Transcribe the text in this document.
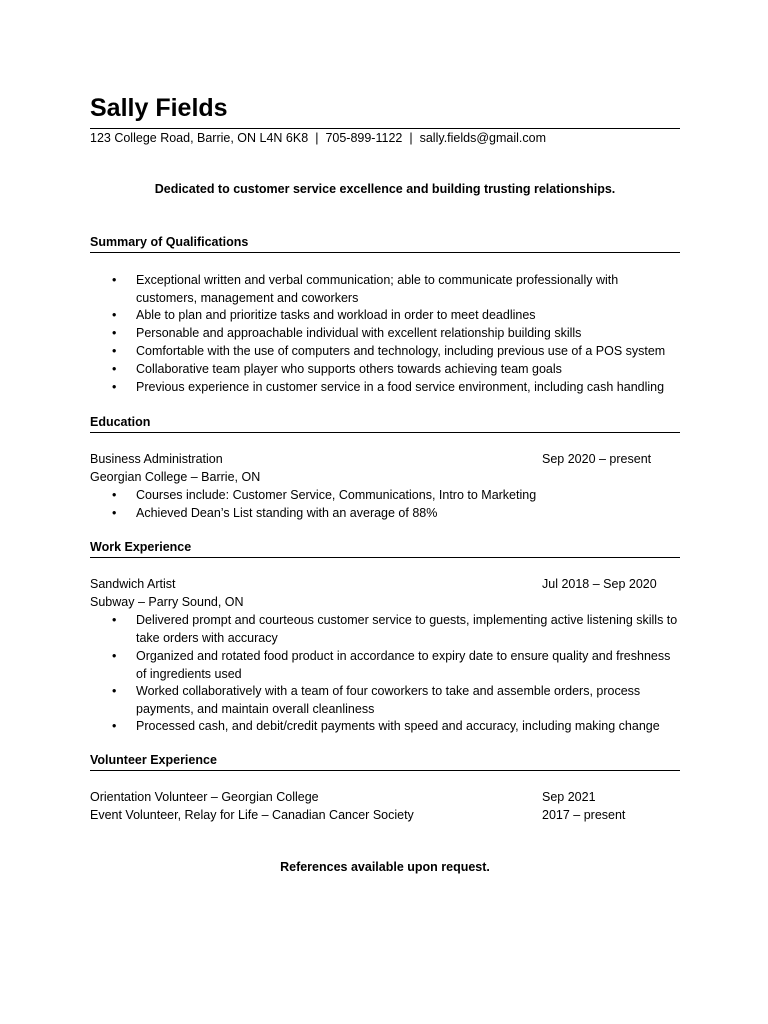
Sally Fields
123 College Road, Barrie, ON L4N 6K8 | 705-899-1122 | sally.fields@gmail.com
Dedicated to customer service excellence and building trusting relationships.
Summary of Qualifications
• Exceptional written and verbal communication; able to communicate professionally with customers, management and coworkers
• Able to plan and prioritize tasks and workload in order to meet deadlines
• Personable and approachable individual with excellent relationship building skills
• Comfortable with the use of computers and technology, including previous use of a POS system
• Collaborative team player who supports others towards achieving team goals
• Previous experience in customer service in a food service environment, including cash handling
Education
Business Administration	Sep 2020 – present
Georgian College – Barrie, ON
• Courses include: Customer Service, Communications, Intro to Marketing
• Achieved Dean’s List standing with an average of 88%
Work Experience
Sandwich Artist	Jul 2018 – Sep 2020
Subway – Parry Sound, ON
• Delivered prompt and courteous customer service to guests, implementing active listening skills to take orders with accuracy
• Organized and rotated food product in accordance to expiry date to ensure quality and freshness of ingredients used
• Worked collaboratively with a team of four coworkers to take and assemble orders, process payments, and maintain overall cleanliness
• Processed cash, and debit/credit payments with speed and accuracy, including making change
Volunteer Experience
Orientation Volunteer – Georgian College	Sep 2021
Event Volunteer, Relay for Life – Canadian Cancer Society	2017 – present
References available upon request.
